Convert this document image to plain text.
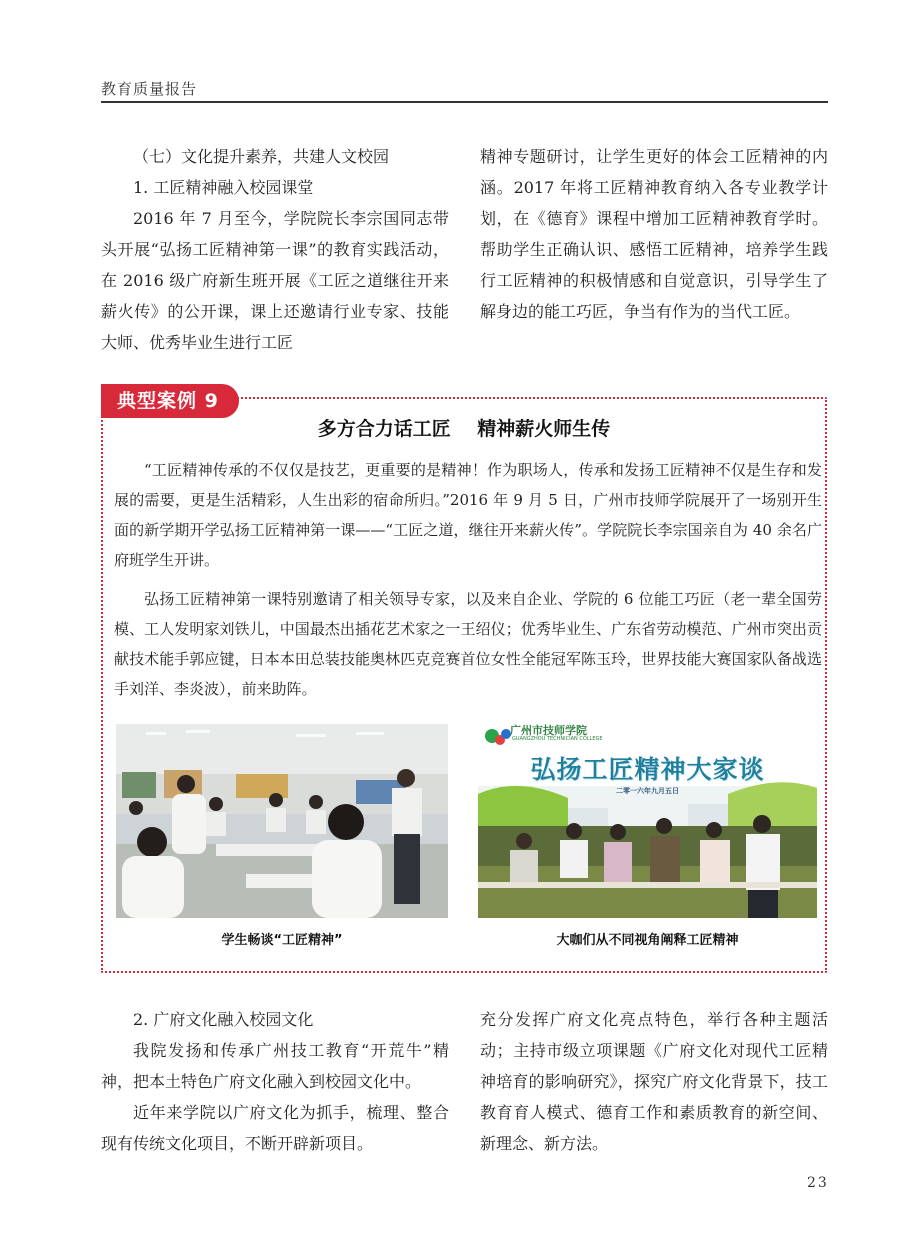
教育质量报告

（七）文化提升素养，共建人文校园

1. 工匠精神融入校园课堂

2016 年 7 月至今，学院院长李宗国同志带头开展“弘扬工匠精神第一课”的教育实践活动，在 2016 级广府新生班开展《工匠之道继往开来薪火传》的公开课，课上还邀请行业专家、技能大师、优秀毕业生进行工匠

精神专题研讨，让学生更好的体会工匠精神的内涵。2017 年将工匠精神教育纳入各专业教学计划，在《德育》课程中增加工匠精神教育学时。帮助学生正确认识、感悟工匠精神，培养学生践行工匠精神的积极情感和自觉意识，引导学生了解身边的能工巧匠，争当有作为的当代工匠。

典型案例 9
多方合力话工匠    精神薪火师生传

“工匠精神传承的不仅仅是技艺，更重要的是精神！作为职场人，传承和发扬工匠精神不仅是生存和发展的需要，更是生活精彩，人生出彩的宿命所归。”2016 年 9 月 5 日，广州市技师学院展开了一场别开生面的新学期开学弘扬工匠精神第一课——“工匠之道，继往开来薪火传”。学院院长李宗国亲自为 40 余名广府班学生开讲。

弘扬工匠精神第一课特别邀请了相关领导专家，以及来自企业、学院的 6 位能工巧匠（老一辈全国劳模、工人发明家刘铁儿，中国最杰出插花艺术家之一王绍仪；优秀毕业生、广东省劳动模范、广州市突出贡献技术能手郭应键，日本本田总装技能奥林匹克竞赛首位女性全能冠军陈玉玲，世界技能大赛国家队备战选手刘洋、李炎波），前来助阵。

广州市技师学院
GUANGZHOU TECHNICIAN COLLEGE
弘扬工匠精神大家谈
二零一六年九月五日
学生畅谈“工匠精神”	大咖们从不同视角阐释工匠精神

2. 广府文化融入校园文化

我院发扬和传承广州技工教育“开荒牛”精神，把本土特色广府文化融入到校园文化中。

近年来学院以广府文化为抓手，梳理、整合现有传统文化项目，不断开辟新项目。

充分发挥广府文化亮点特色，举行各种主题活动；主持市级立项课题《广府文化对现代工匠精神培育的影响研究》，探究广府文化背景下，技工教育育人模式、德育工作和素质教育的新空间、新理念、新方法。

23
